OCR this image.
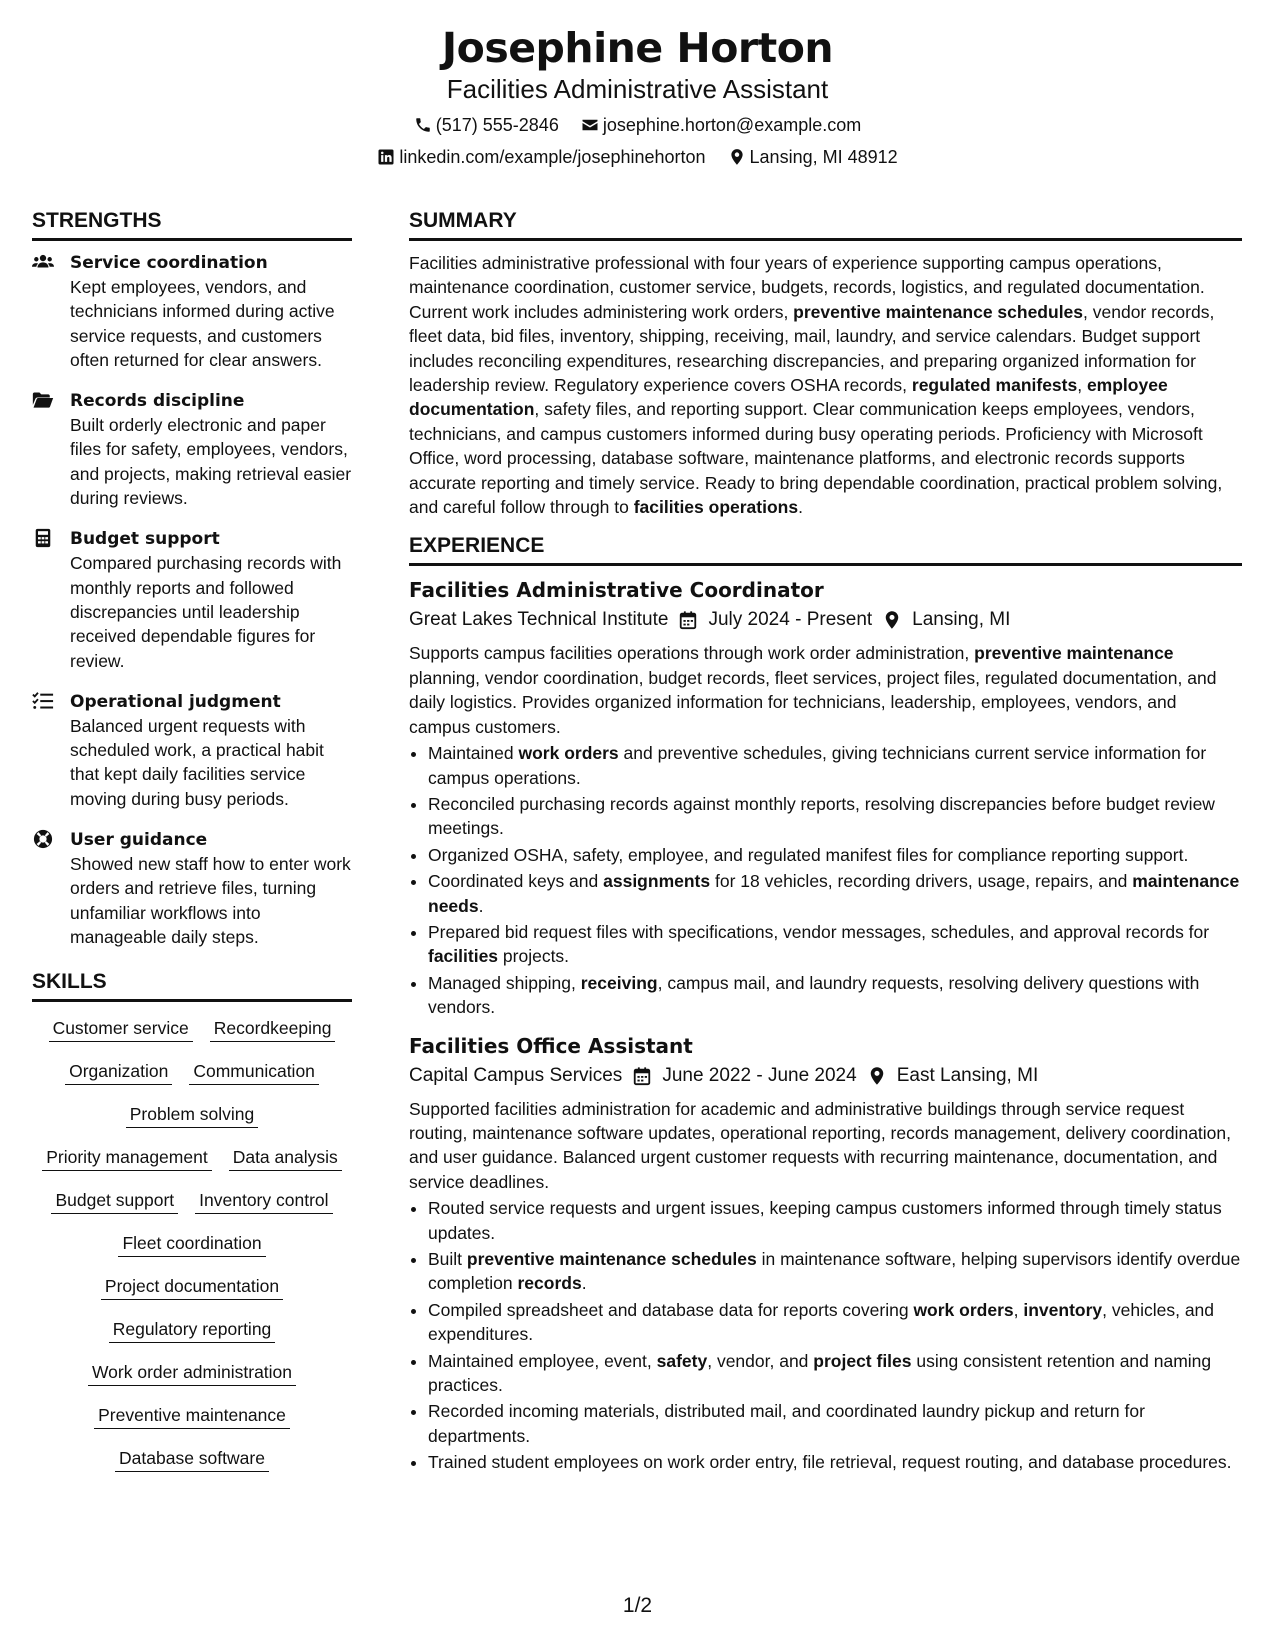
Josephine Horton
Facilities Administrative Assistant
(517) 555-2846 josephine.horton@example.com
linkedin.com/example/josephinehorton Lansing, MI 48912
STRENGTHS
Service coordination
Kept employees, vendors, and technicians informed during active service requests, and customers often returned for clear answers.
Records discipline
Built orderly electronic and paper files for safety, employees, vendors, and projects, making retrieval easier during reviews.
Budget support
Compared purchasing records with monthly reports and followed discrepancies until leadership received dependable figures for review.
Operational judgment
Balanced urgent requests with scheduled work, a practical habit that kept daily facilities service moving during busy periods.
User guidance
Showed new staff how to enter work orders and retrieve files, turning unfamiliar workflows into manageable daily steps.
SKILLS
Customer service Recordkeeping
Organization Communication
Problem solving
Priority management Data analysis
Budget support Inventory control
Fleet coordination
Project documentation
Regulatory reporting
Work order administration
Preventive maintenance
Database software
SUMMARY
Facilities administrative professional with four years of experience supporting campus operations, maintenance coordination, customer service, budgets, records, logistics, and regulated documentation. Current work includes administering work orders, preventive maintenance schedules, vendor records, fleet data, bid files, inventory, shipping, receiving, mail, laundry, and service calendars. Budget support includes reconciling expenditures, researching discrepancies, and preparing organized information for leadership review. Regulatory experience covers OSHA records, regulated manifests, employee documentation, safety files, and reporting support. Clear communication keeps employees, vendors, technicians, and campus customers informed during busy operating periods. Proficiency with Microsoft Office, word processing, database software, maintenance platforms, and electronic records supports accurate reporting and timely service. Ready to bring dependable coordination, practical problem solving, and careful follow through to facilities operations.
EXPERIENCE
Facilities Administrative Coordinator
Great Lakes Technical Institute July 2024 - Present Lansing, MI
Supports campus facilities operations through work order administration, preventive maintenance planning, vendor coordination, budget records, fleet services, project files, regulated documentation, and daily logistics. Provides organized information for technicians, leadership, employees, vendors, and campus customers.
• Maintained work orders and preventive schedules, giving technicians current service information for campus operations.
• Reconciled purchasing records against monthly reports, resolving discrepancies before budget review meetings.
• Organized OSHA, safety, employee, and regulated manifest files for compliance reporting support.
• Coordinated keys and assignments for 18 vehicles, recording drivers, usage, repairs, and maintenance needs.
• Prepared bid request files with specifications, vendor messages, schedules, and approval records for facilities projects.
• Managed shipping, receiving, campus mail, and laundry requests, resolving delivery questions with vendors.
Facilities Office Assistant
Capital Campus Services June 2022 - June 2024 East Lansing, MI
Supported facilities administration for academic and administrative buildings through service request routing, maintenance software updates, operational reporting, records management, delivery coordination, and user guidance. Balanced urgent customer requests with recurring maintenance, documentation, and service deadlines.
• Routed service requests and urgent issues, keeping campus customers informed through timely status updates.
• Built preventive maintenance schedules in maintenance software, helping supervisors identify overdue completion records.
• Compiled spreadsheet and database data for reports covering work orders, inventory, vehicles, and expenditures.
• Maintained employee, event, safety, vendor, and project files using consistent retention and naming practices.
• Recorded incoming materials, distributed mail, and coordinated laundry pickup and return for departments.
• Trained student employees on work order entry, file retrieval, request routing, and database procedures.
1/2
